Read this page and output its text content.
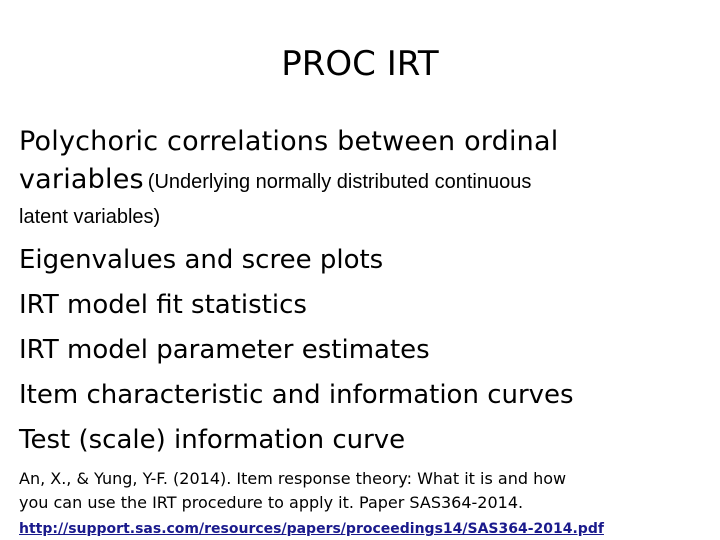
PROC IRT

Polychoric correlations between ordinal
variables (Underlying normally distributed continuous
latent variables)

Eigenvalues and scree plots
IRT model fit statistics
IRT model parameter estimates
Item characteristic and information curves
Test (scale) information curve
An, X., & Yung, Y-F. (2014). Item response theory: What it is and how
you can use the IRT procedure to apply it. Paper SAS364-2014.
http://support.sas.com/resources/papers/proceedings14/SAS364-2014.pdf
